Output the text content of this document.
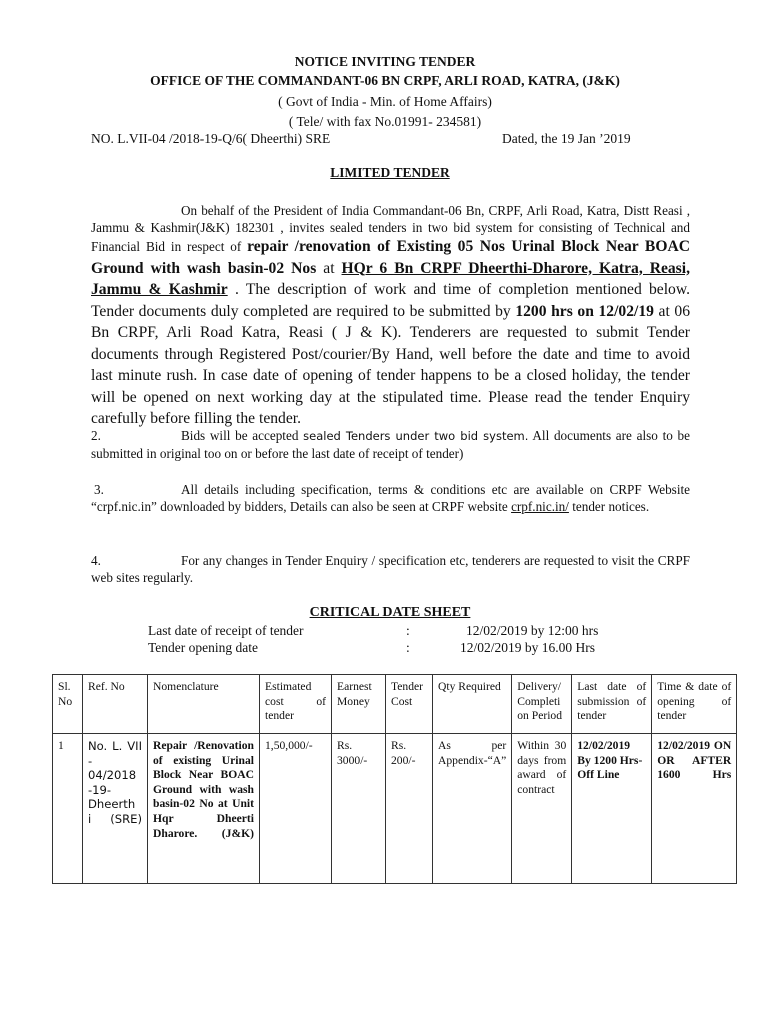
NOTICE INVITING TENDER
OFFICE OF THE COMMANDANT-06 BN CRPF, ARLI ROAD, KATRA, (J&K)
( Govt of India - Min. of Home Affairs)
( Tele/ with fax No.01991- 234581)
NO. L.VII-04 /2018-19-Q/6( Dheerthi) SRE	Dated, the 19 Jan ’2019
LIMITED TENDER
On behalf of the President of India Commandant-06 Bn, CRPF, Arli Road, Katra, Distt Reasi , Jammu & Kashmir(J&K) 182301 , invites sealed tenders in two bid system for consisting of Technical and Financial Bid in respect of repair /renovation of Existing 05 Nos Urinal Block Near BOAC Ground with wash basin-02 Nos at HQr 6 Bn CRPF Dheerthi-Dharore, Katra, Reasi, Jammu & Kashmir . The description of work and time of completion mentioned below. Tender documents duly completed are required to be submitted by 1200 hrs on 12/02/19 at 06 Bn CRPF, Arli Road Katra, Reasi ( J & K). Tenderers are requested to submit Tender documents through Registered Post/courier/By Hand, well before the date and time to avoid last minute rush. In case date of opening of tender happens to be a closed holiday, the tender will be opened on next working day at the stipulated time. Please read the tender Enquiry carefully before filling the tender.
2.	Bids will be accepted sealed Tenders under two bid system. All documents are also to be submitted in original too on or before the last date of receipt of tender)
3.	All details including specification, terms & conditions etc are available on CRPF Website “crpf.nic.in” downloaded by bidders, Details can also be seen at CRPF website crpf.nic.in/ tender notices.
4.	For any changes in Tender Enquiry / specification etc, tenderers are requested to visit the CRPF web sites regularly.
CRITICAL DATE SHEET
Last date of receipt of tender	:	12/02/2019 by 12:00 hrs
Tender opening date	:	12/02/2019 by 16.00 Hrs
Sl. No	Ref. No	Nomenclature	Estimated cost of tender	Earnest Money	Tender Cost	Qty Required	Delivery/ Completi on Period	Last date of submission of tender	Time & date of opening of tender
1	No. L. VII - 04/2018 -19-Dheerth i (SRE)	Repair /Renovation of existing Urinal Block Near BOAC Ground with wash basin-02 No at Unit Hqr Dheerti Dharore. (J&K)	1,50,000/-	Rs. 3000/-	Rs. 200/-	As per Appendix-“A”	Within 30 days from award of contract	12/02/2019 By 1200 Hrs- Off Line	12/02/2019 ON OR AFTER 1600 Hrs
